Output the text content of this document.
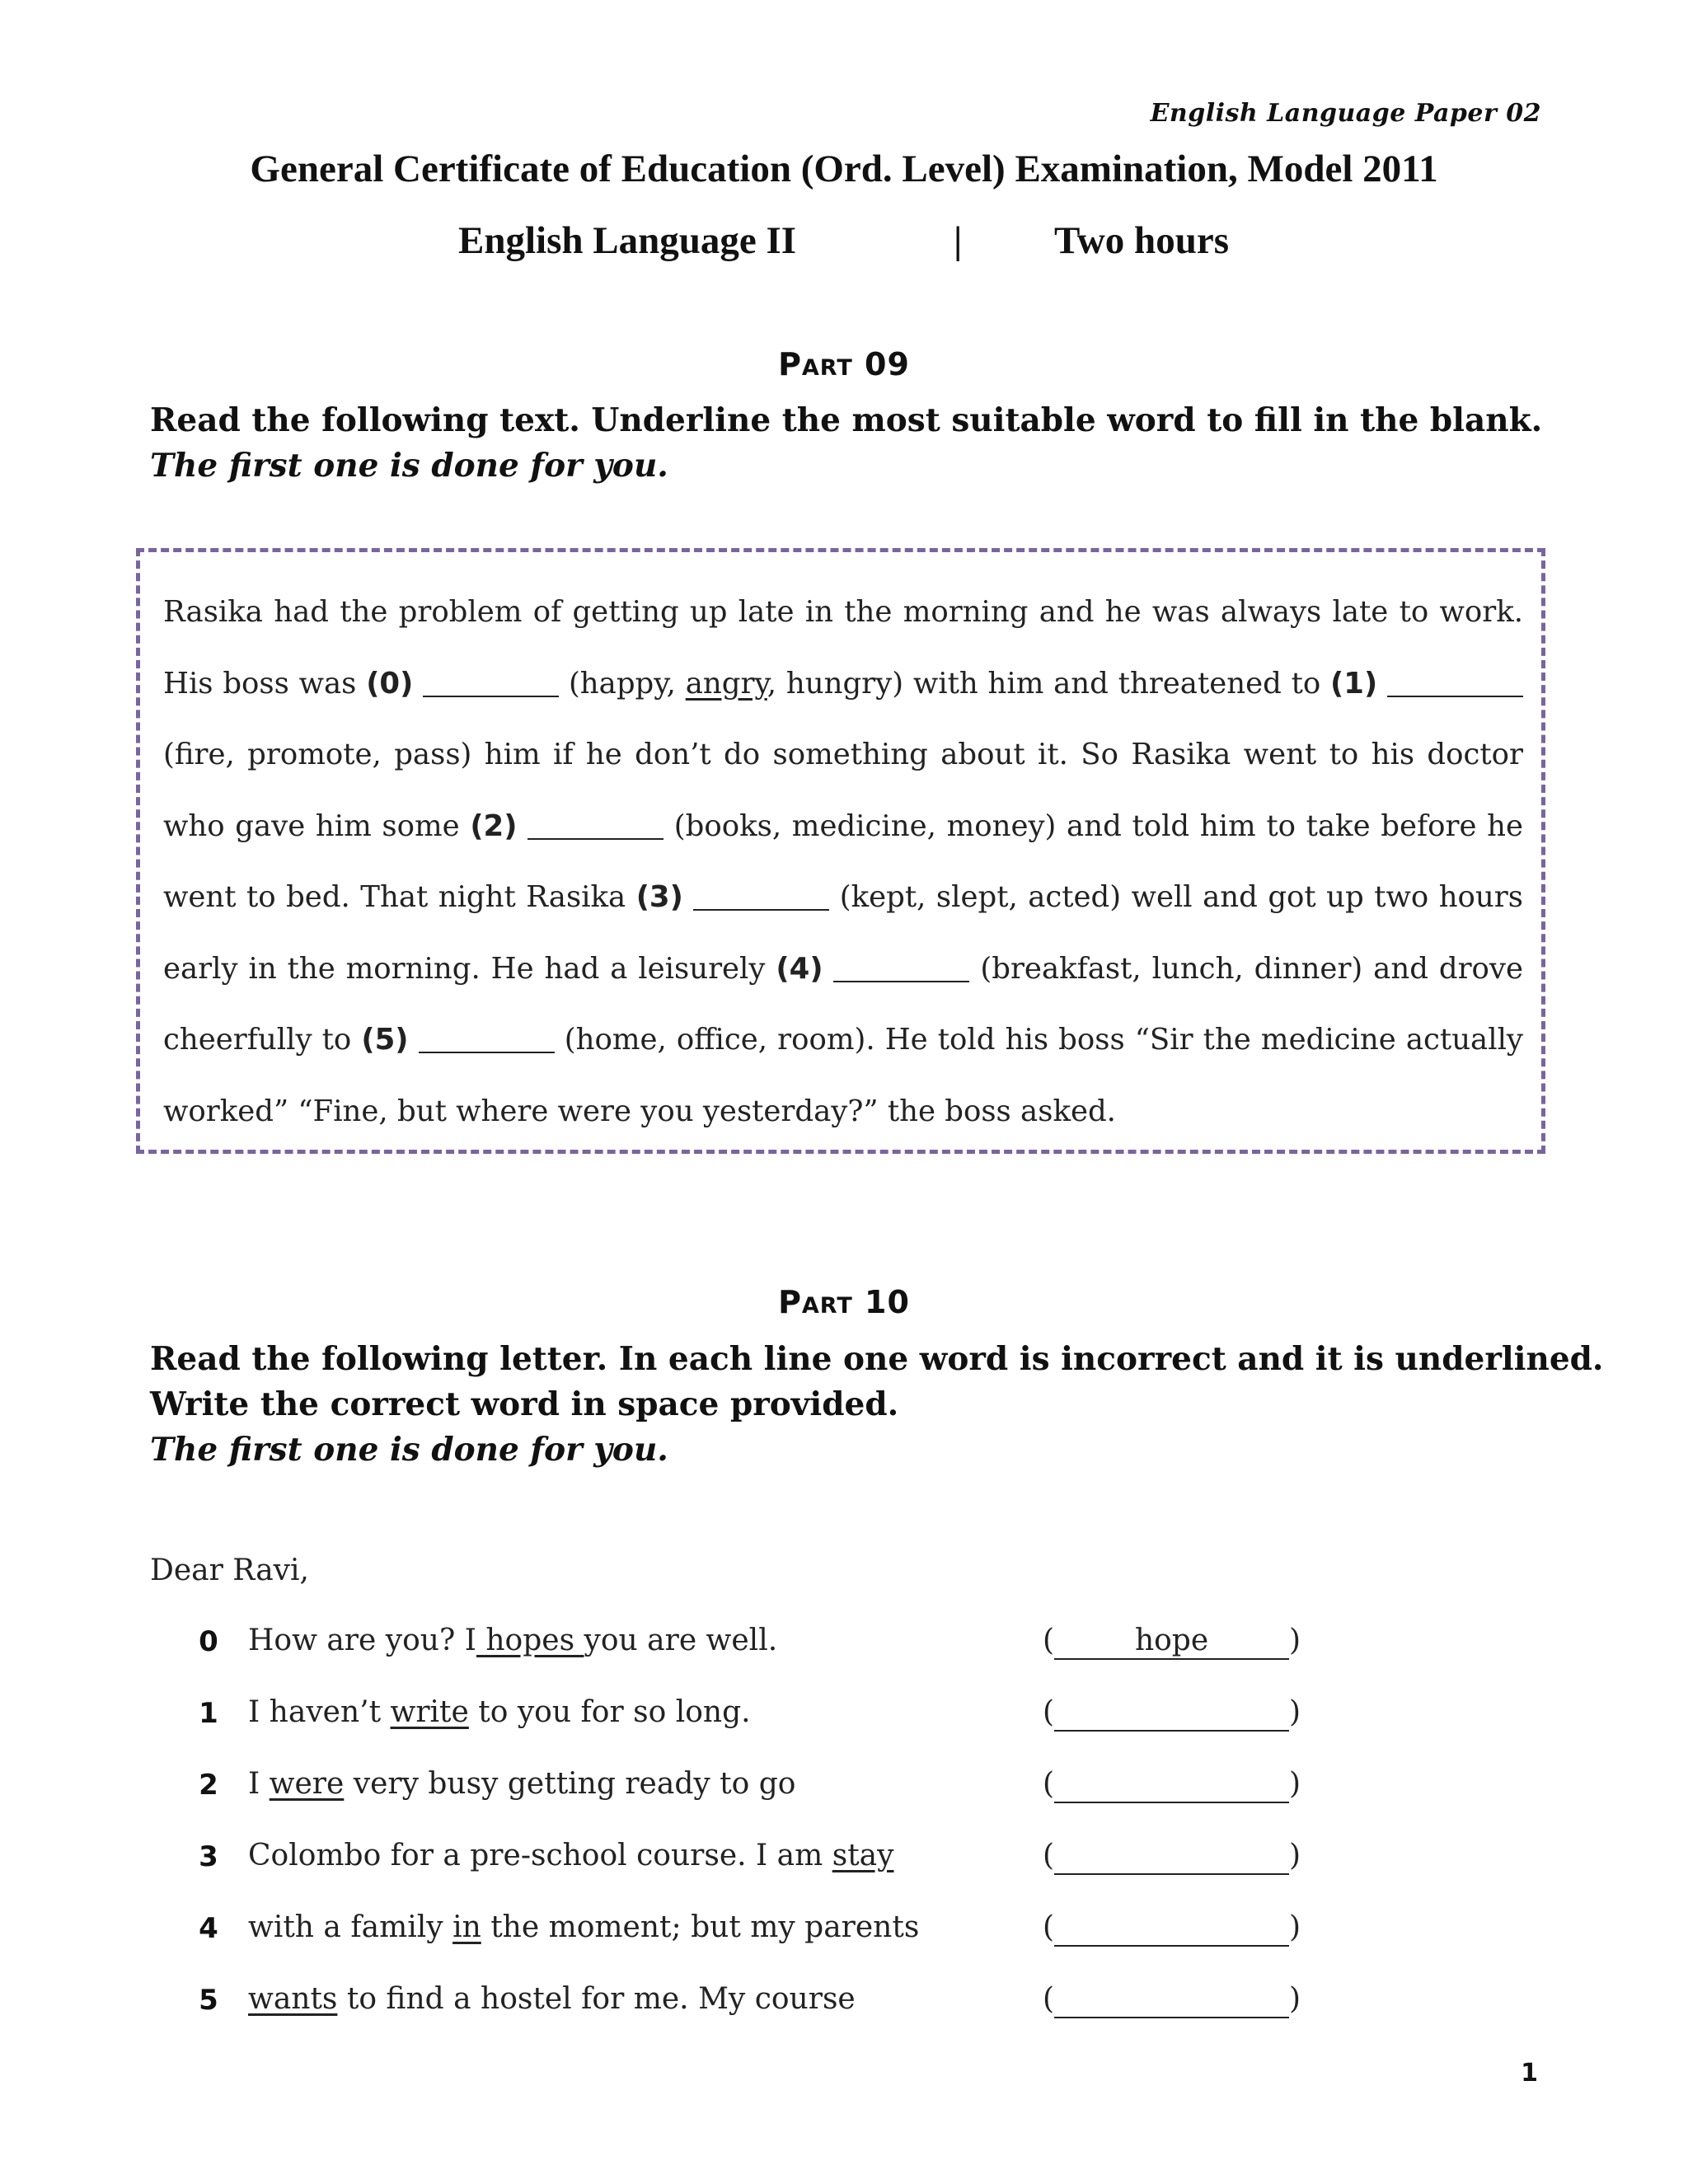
English Language Paper 02
General Certificate of Education (Ord. Level) Examination, Model 2011
English Language II	| Two hours
Part 09
Read the following text. Underline the most suitable word to fill in the blank.
The first one is done for you.
Rasika had the problem of getting up late in the morning and he was always late to work. His boss was (0)	(happy, angry, hungry) with him and threatened to (1)  (fire, promote, pass) him if he don’t do something about it. So Rasika went to his doctor who gave him some (2)	(books, medicine, money) and told him to take before he went to bed. That night Rasika (3)	(kept, slept, acted) well and got up two hours early in the morning. He had a leisurely (4)	(breakfast, lunch, dinner) and drove cheerfully to (5)	(home, office, room). He told his boss “Sir the medicine actually worked” “Fine, but where were you yesterday?” the boss asked.
Part 10
Read the following letter. In each line one word is incorrect and it is underlined.
Write the correct word in space provided.
The first one is done for you.
Dear Ravi,
0 How are you? I hopes you are well.	(	hope	)
1 I haven’t write to you for so long.	(	)
2 I were very busy getting ready to go	(	)
3 Colombo for a pre-school course. I am stay	(	)
4 with a family in the moment; but my parents	(	)
5 wants to find a hostel for me. My course	(	)
1
